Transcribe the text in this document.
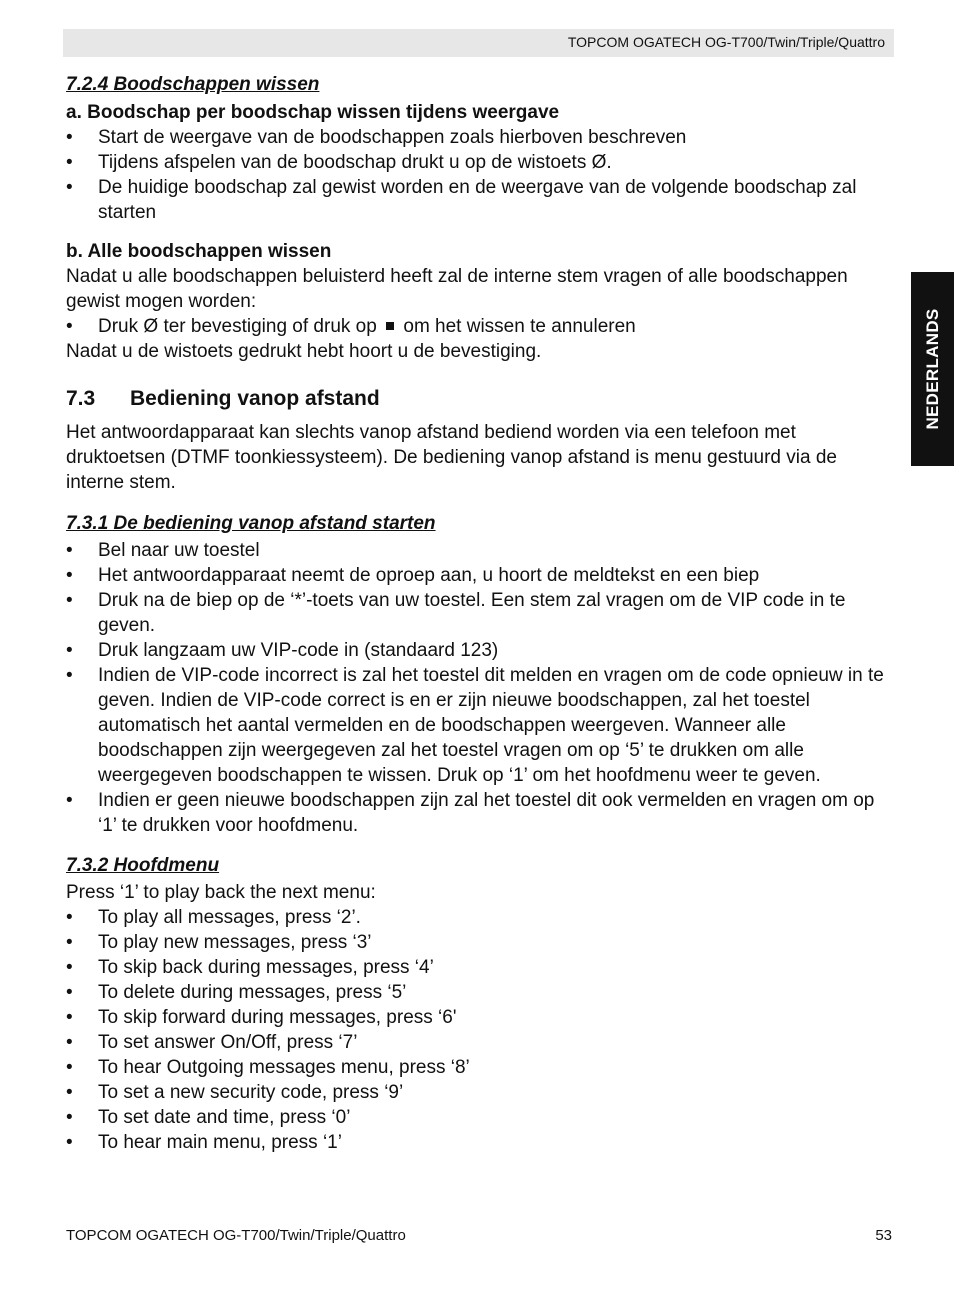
TOPCOM OGATECH OG-T700/Twin/Triple/Quattro
NEDERLANDS

7.2.4 Boodschappen wissen

a. Boodschap per boodschap wissen tijdens weergave

•	Start de weergave van de boodschappen zoals hierboven beschreven
•	Tijdens afspelen van de boodschap drukt u op de wistoets Ø.
•	De huidige boodschap zal gewist worden en de weergave van de volgende boodschap zal starten

b. Alle boodschappen wissen

Nadat u alle boodschappen beluisterd heeft zal de interne stem vragen of alle boodschappen gewist mogen worden:

•	Druk Ø ter bevestiging of druk op om het wissen te annuleren

Nadat u de wistoets gedrukt hebt hoort u de bevestiging.

7.3	Bediening vanop afstand

Het antwoordapparaat kan slechts vanop afstand bediend worden via een telefoon met druktoetsen (DTMF toonkiessysteem). De bediening vanop afstand is menu gestuurd via de interne stem.

7.3.1 De bediening vanop afstand starten

•	Bel naar uw toestel
•	Het antwoordapparaat neemt de oproep aan, u hoort de meldtekst en een biep
•	Druk na de biep op de ‘*’-toets van uw toestel. Een stem zal vragen om de VIP code in te geven.
•	Druk langzaam uw VIP-code in (standaard 123)
•	Indien de VIP-code incorrect is zal het toestel dit melden en vragen om de code opnieuw in te geven. Indien de VIP-code correct is en er zijn nieuwe boodschappen, zal het toestel automatisch het aantal vermelden en de boodschappen weergeven. Wanneer alle boodschappen zijn weergegeven zal het toestel vragen om op ‘5’ te drukken om alle weergegeven boodschappen te wissen. Druk op ‘1’ om het hoofdmenu weer te geven.
•	Indien er geen nieuwe boodschappen zijn zal het toestel dit ook vermelden en vragen om op ‘1’ te drukken voor hoofdmenu.

7.3.2 Hoofdmenu

Press ‘1’ to play back the next menu:

•	To play all messages, press ‘2’.
•	To play new messages, press ‘3’
•	To skip back during messages, press ‘4’
•	To delete during messages, press ‘5’
•	To skip forward during messages, press ‘6'
•	To set answer On/Off, press ‘7’
•	To hear Outgoing messages menu, press ‘8’
•	To set a new security code, press ‘9’
•	To set date and time, press ‘0’
•	To hear main menu, press ‘1’
TOPCOM OGATECH OG-T700/Twin/Triple/Quattro	53
